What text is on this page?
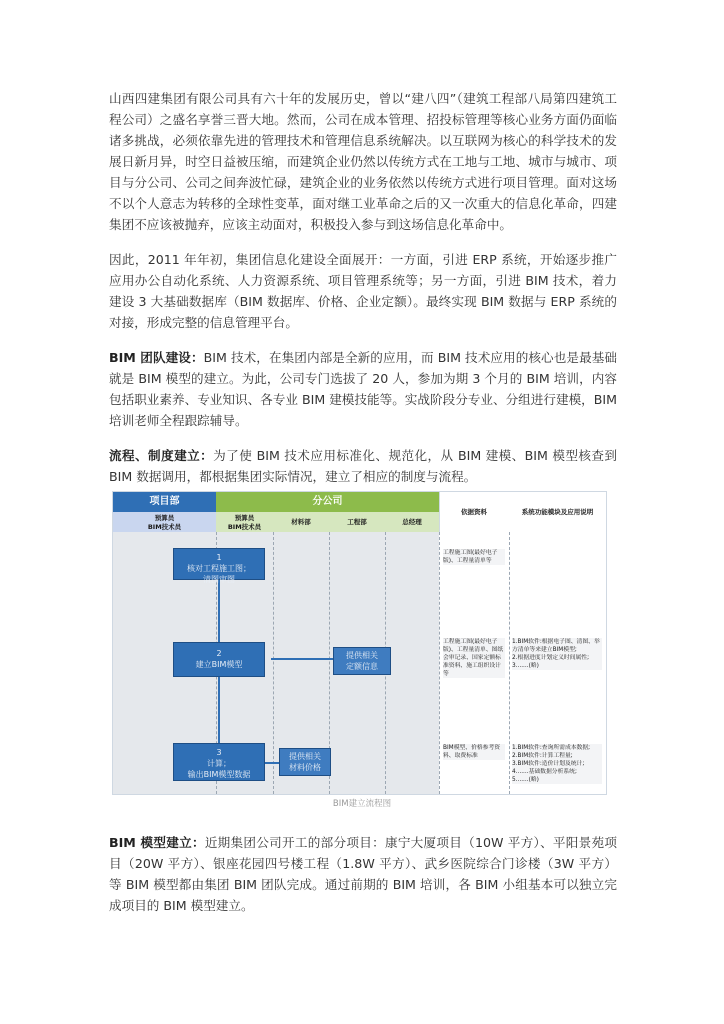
山西四建集团有限公司具有六十年的发展历史，曾以“建八四”（建筑工程部八局第四建筑工程公司）之盛名享誉三晋大地。然而，公司在成本管理、招投标管理等核心业务方面仍面临诸多挑战，必须依靠先进的管理技术和管理信息系统解决。以互联网为核心的科学技术的发展日新月异，时空日益被压缩，而建筑企业仍然以传统方式在工地与工地、城市与城市、项目与分公司、公司之间奔波忙碌，建筑企业的业务依然以传统方式进行项目管理。面对这场不以个人意志为转移的全球性变革，面对继工业革命之后的又一次重大的信息化革命，四建集团不应该被抛弃，应该主动面对，积极投入参与到这场信息化革命中。

因此，2011 年年初，集团信息化建设全面展开：一方面，引进 ERP 系统，开始逐步推广应用办公自动化系统、人力资源系统、项目管理系统等；另一方面，引进 BIM 技术，着力建设 3 大基础数据库（BIM 数据库、价格、企业定额）。最终实现 BIM 数据与 ERP 系统的对接，形成完整的信息管理平台。

BIM 团队建设：BIM 技术，在集团内部是全新的应用，而 BIM 技术应用的核心也是最基础就是 BIM 模型的建立。为此，公司专门选拔了 20 人，参加为期 3 个月的 BIM 培训，内容包括职业素养、专业知识、各专业 BIM 建模技能等。实战阶段分专业、分组进行建模，BIM 培训老师全程跟踪辅导。

流程、制度建立：为了使 BIM 技术应用标准化、规范化，从 BIM 建模、BIM 模型核查到 BIM 数据调用，都根据集团实际情况，建立了相应的制度与流程。

项目部	分公司
预算员
BIM技术员
预算员
BIM技术员
材料部	工程部	总经理
依据资料	系统功能模块及应用说明
1
核对工程施工图；
清图审图
2
建立BIM模型
3
计算；
输出BIM模型数据
提供相关
定额信息
提供相关
材料价格
工程施工图(最好电子版)、工程量清单等
工程施工图(最好电子版)、工程量清单、图纸会审记录、国家定额标准资料、施工组织设计等
BIM模型、价格参考资料、取费标准
1.BIM软件:根据电子图、清图、举方清单等来建立BIM模型;
2.根据进度计划定义时间属性;
3.......(略)
1.BIM软件:查询所需成本数据;
2.BIM软件:计算工程量;
3.BIM软件:造价计划及统计;
4.......基础数据分析系统;
5.......(略)
BIM建立流程图

BIM 模型建立：近期集团公司开工的部分项目：康宁大厦项目（10W 平方）、平阳景苑项目（20W 平方）、银座花园四号楼工程（1.8W 平方）、武乡医院综合门诊楼（3W 平方）等 BIM 模型都由集团 BIM 团队完成。通过前期的 BIM 培训，各 BIM 小组基本可以独立完成项目的 BIM 模型建立。
